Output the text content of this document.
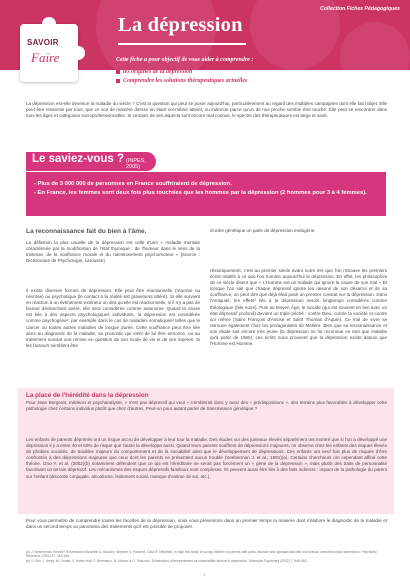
Collection Fiches Pédagogiques
La dépression
Cette fiche a pour objectif de vous aider à comprendre :
SAVOIR
Faire
les origines de la dépression
Comprendre les solutions thérapeutiques actuelles
La dépression est-elle devenue la maladie du siècle ? C'est la question qui peut se poser aujourd'hui, particulièrement au regard des multiples campagnes dont elle fait l'objet. Elle peut être ressentie par tous, que ce soit de manière directe en étant soi-même atteint, ou indirecte parce qu'un de nos proche semble être touché. Elle peut se rencontrer dans tous les âges et catégories socioprofessionnelles. Si certains de ses aspects sont encore mal connus, le spectre des thérapeutiques est large et varié.
Le saviez-vous ? (INPES, 2005)
- Plus de 3 000 000 de personnes en France souffriraient de dépression.
- En France, les femmes sont deux fois plus touchées que les hommes par la dépression (2 hommes pour 3 à 4 femmes).
La reconnaissance fait du bien à l'âme.
La définition la plus usuelle de la dépression est celle d'une « maladie mentale caractérisée par la modification de l'état thymique : de l'humeur dans le sens de la tristesse, de la souffrance morale et du ralentissement psychomoteur » [Source : Dictionnaire de Psychologie, Larousse].
Il existe diverses formes de dépression. Elle peut être réactionnelle (réactive ou névrose) ou psychotique (le contact à la réalité est gravement altéré). Si elle survient en réaction à un événement extérieur on dira qu'elle est réactionnelle, si il n'y a pas de facteur déclenchant avéré, elle sera considérée comme autonome. Quand la cause est liée à des aspects psychologiques individuels, la dépression est considérée comme psychogène¹; par exemple dans le cas de maladies somatiques² telles que le cancer ou toutes autres maladies de longue durée. Cette souffrance peut être liée alors au diagnostic de la maladie, au pronostic qui vient de lui être annoncé, ou au traitement suivant une remise en question de son mode de vie et de ses repères. Si les facteurs semblent être
d'ordre génétique on parle de dépression endogène.
Historiquement, c'est au premier siècle avant notre ère que l'on retrouve les premiers écrits relatifs à ce que l'on nomme aujourd'hui la dépression. En effet, les philosophes de ce siècle disent que « L'Homme est un malade qui ignore la cause de son mal » Et lorsque l'on sait que chaque dépressif ignore les raisons de son désarroi et de sa souffrance, on peut dire que déjà était posé un premier constat sur la dépression. Dans l'Antiquité, les effets³ liés à la dépression seront longtemps considérés comme théologique (bile noire). Puis au Moyen Âge, le suicide (qui est souvent en lien avec un état dépressif profond) devient un triple péché : contre Dieu, contre la société et contre soi même (Saint François d'Assise et Saint Thomas d'Aquin). Ce mal de vivre se retrouve également chez les protagonistes de Molière. Bien que sa reconnaissance et son étude soit encore très jeune (la dépression ne fut reconnue en tant que maladie qu'à partir de 1960), ces écrits nous prouvent que la dépression existe depuis que l'Homme est Homme.
La place de l'hérédité dans la dépression
Pour Jean Bergeret, médecin et psychanalyste, « n'est pas dépressif qui veut » s'emblerait donc y avoir des « prédispositions », des terrains plus favorables à développer cette pathologie chez certains individus plutôt que chez d'autres. Peut-on pour autant parler de transmission génétique ?
Les enfants de parents déprimés ont un risque accru de développer à leur tour la maladie. Des études sur des jumeaux élevés séparément ont montré que si l'un a développé une dépression il y a entre 40 et 50% de risque que l'autre la développe aussi. Quand leurs parents souffrent de dépressions majeures, on observe chez les enfants des risques élevés de phobies sociales, de troubles majeurs du comportement et de la sociabilité ainsi que le développement de dépressions. Ces enfants ont neuf fois plus de risques d'être confrontés à des dépressions majeures que ceux dont les parents ne présentent aucun trouble (Seeberman J. et al., 1991)(a). Certains chercheurs ont cependant affiné cette théorie. Grio Y. et al. (2002)(b) notamment défendent que ce qui est héréditaire ne serait pas forcément un « gène de la dépression », mais plutôt des traits de personnalité favorisant un terrain dépressif. Les mécanismes des risques dépressifs familiaux sont complexes. Ils peuvent aussi être liés à des faits indirects : impact de la pathologie du parent sur l'enfant (discorde conjugale, alcoolisme, isolement social, manque d'estime de soi, etc.).
Pour vous permettre de comprendre toutes les facettes de la dépression, nous vous présentons dans un premier temps la manière dont s'élabore le diagnostic de la maladie et dans un second temps un panorama des traitements qu'il est possible de proposer.
(a) J. Seeberman, Kinnell? Rosenbaum Elizabeth A. Buckley, Stephen V. Faraone, Gina R. Hirshfeld, et high risk study of young children of parents with panic disorder and agoraphobia with and without comorbid major depression. Psychiatry Research (1991) 37, 163-165.
(b) Y. Grio, J. Arvey, M. Orsatti, V. Huber-Huti, F. Bermasco, M. Marino & G. Pascucci, Dimensions of temperament as vulnerability factors in depression. Molecular Psychiatry (2002) 7, 948-953.
1
